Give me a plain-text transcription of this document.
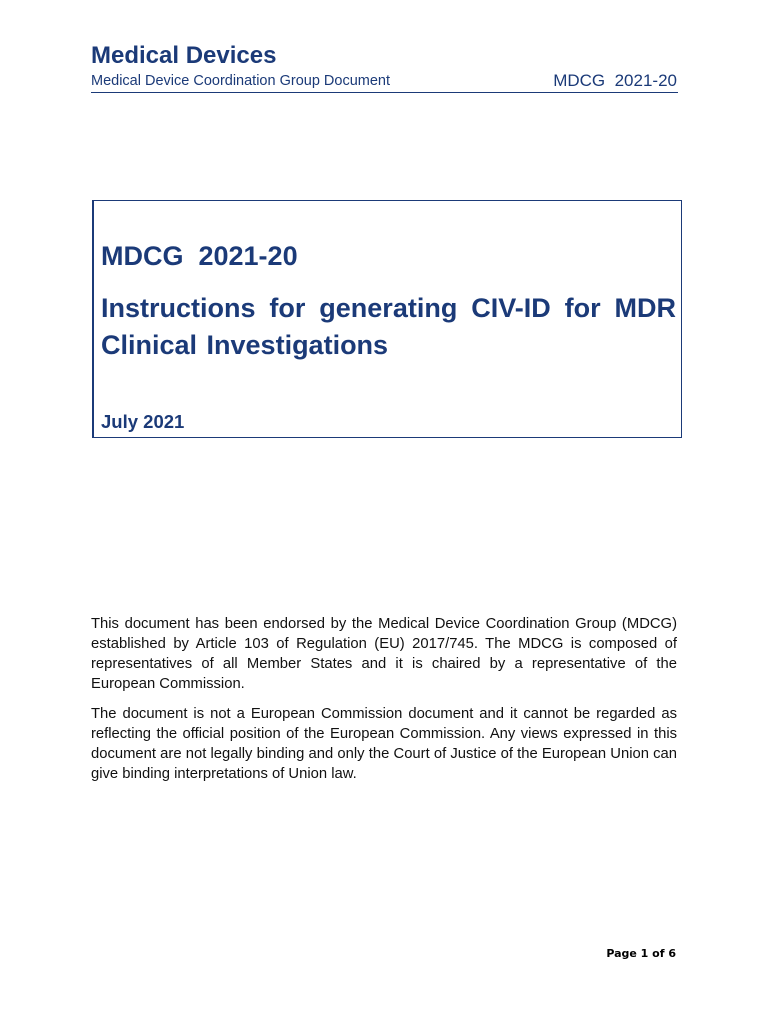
Medical Devices
Medical Device Coordination Group Document	MDCG  2021-20
MDCG  2021-20
Instructions for generating CIV-ID for MDR Clinical Investigations
July 2021

This document has been endorsed by the Medical Device Coordination Group (MDCG) established by Article 103 of Regulation (EU) 2017/745. The MDCG is composed of representatives of all Member States and it is chaired by a representative of the European Commission.

The document is not a European Commission document and it cannot be regarded as reflecting the official position of the European Commission. Any views expressed in this document are not legally binding and only the Court of Justice of the European Union can give binding interpretations of Union law.

Page 1 of 6
